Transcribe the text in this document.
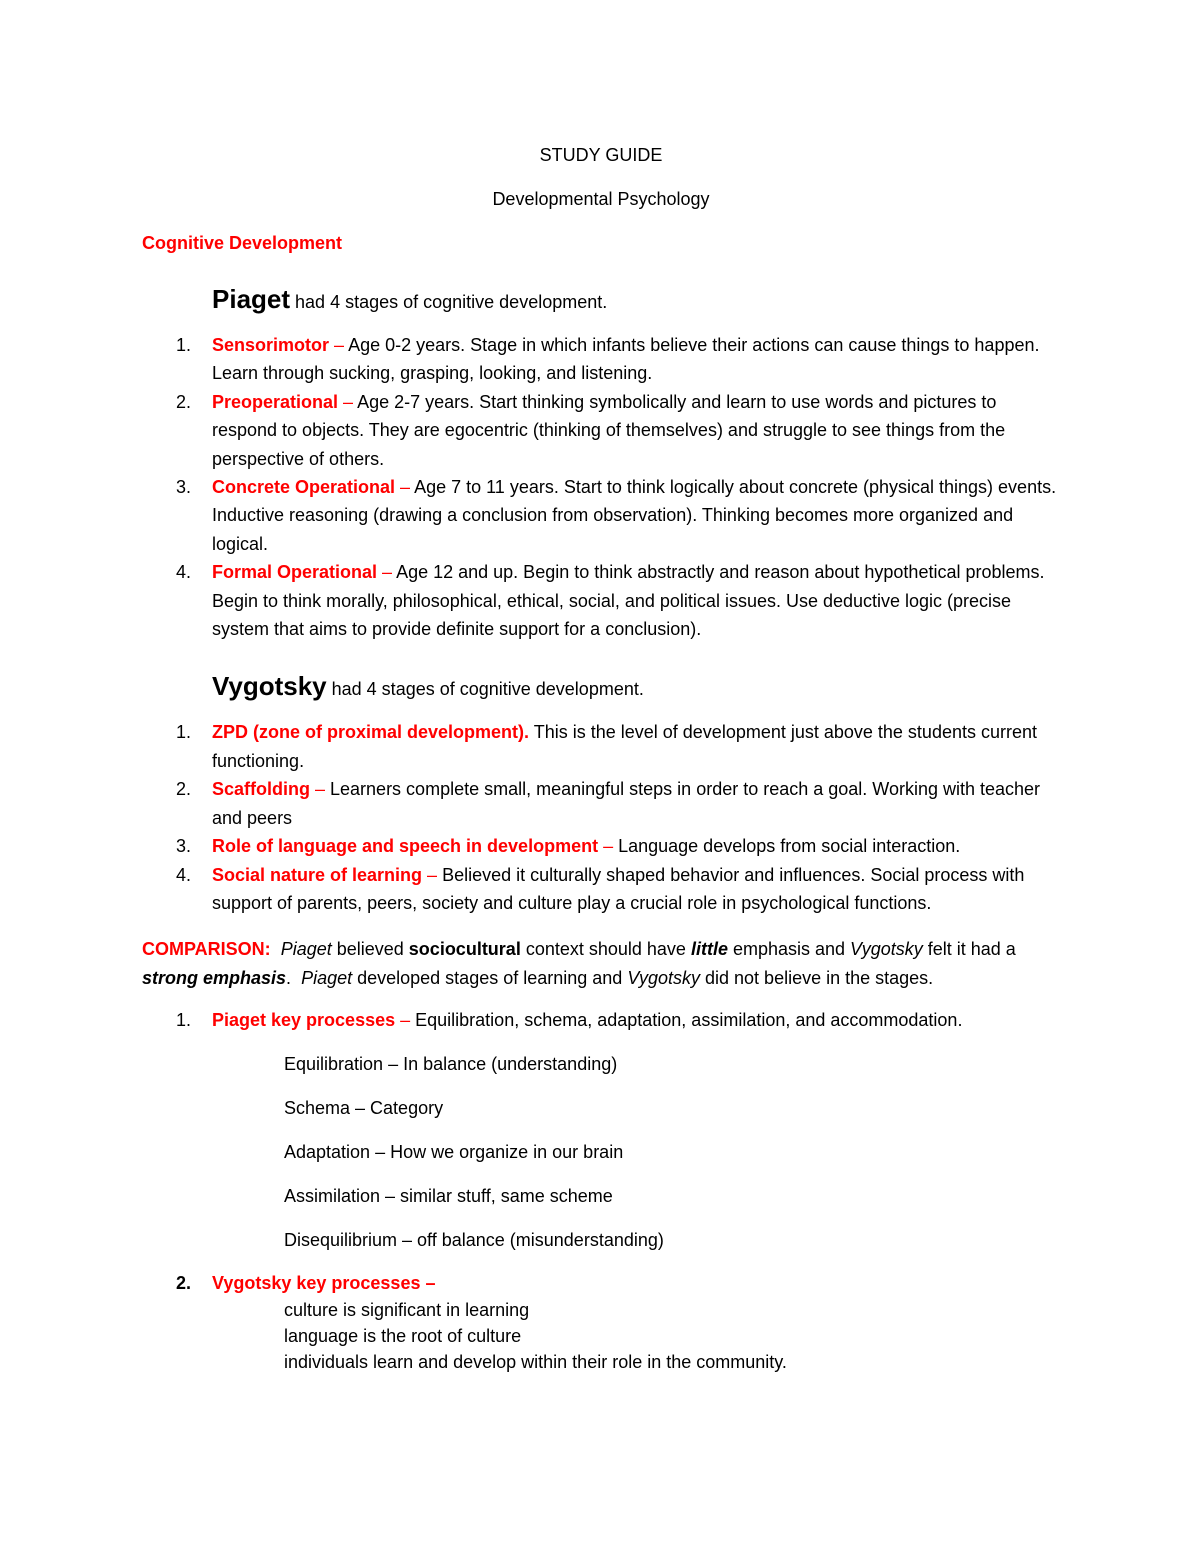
STUDY GUIDE
Developmental Psychology
Cognitive Development
Piaget had 4 stages of cognitive development.
1. Sensorimotor – Age 0-2 years. Stage in which infants believe their actions can cause things to happen. Learn through sucking, grasping, looking, and listening.
2. Preoperational – Age 2-7 years. Start thinking symbolically and learn to use words and pictures to respond to objects. They are egocentric (thinking of themselves) and struggle to see things from the perspective of others.
3. Concrete Operational – Age 7 to 11 years. Start to think logically about concrete (physical things) events. Inductive reasoning (drawing a conclusion from observation). Thinking becomes more organized and logical.
4. Formal Operational – Age 12 and up. Begin to think abstractly and reason about hypothetical problems. Begin to think morally, philosophical, ethical, social, and political issues. Use deductive logic (precise system that aims to provide definite support for a conclusion).
Vygotsky had 4 stages of cognitive development.
1. ZPD (zone of proximal development). This is the level of development just above the students current functioning.
2. Scaffolding – Learners complete small, meaningful steps in order to reach a goal. Working with teacher and peers
3. Role of language and speech in development – Language develops from social interaction.
4. Social nature of learning – Believed it culturally shaped behavior and influences. Social process with support of parents, peers, society and culture play a crucial role in psychological functions.

COMPARISON: Piaget believed sociocultural context should have little emphasis and Vygotsky felt it had a strong emphasis.  Piaget developed stages of learning and Vygotsky did not believe in the stages.

1. Piaget key processes – Equilibration, schema, adaptation, assimilation, and accommodation.
Equilibration – In balance (understanding)
Schema – Category
Adaptation – How we organize in our brain
Assimilation – similar stuff, same scheme
Disequilibrium – off balance (misunderstanding)
2. Vygotsky key processes –
culture is significant in learning
language is the root of culture
individuals learn and develop within their role in the community.
